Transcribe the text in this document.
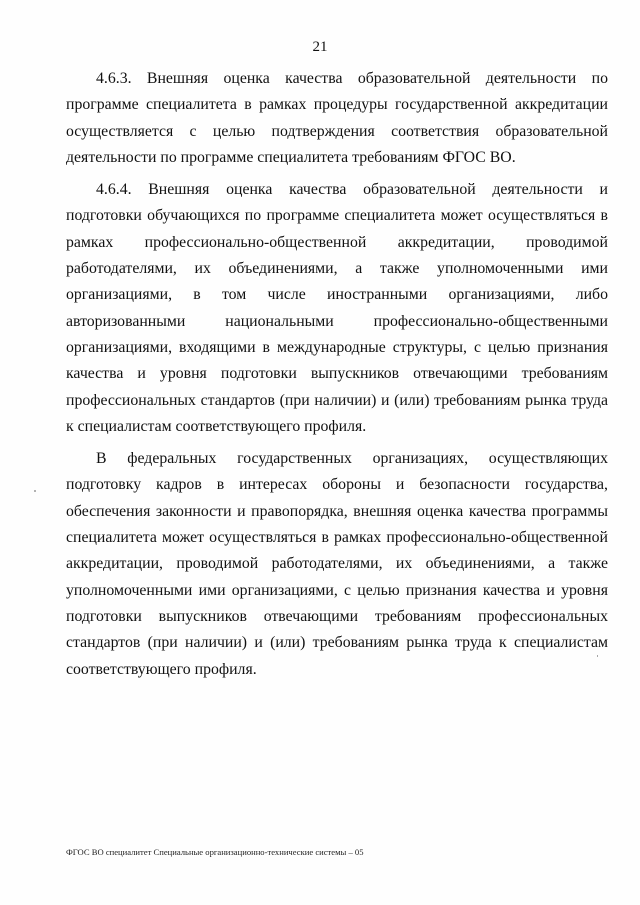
21

4.6.3. Внешняя оценка качества образовательной деятельности по программе специалитета в рамках процедуры государственной аккредитации осуществляется с целью подтверждения соответствия образовательной деятельности по программе специалитета требованиям ФГОС ВО.

4.6.4. Внешняя оценка качества образовательной деятельности и подготовки обучающихся по программе специалитета может осуществляться в рамках профессионально-общественной аккредитации, проводимой работодателями, их объединениями, а также уполномоченными ими организациями, в том числе иностранными организациями, либо авторизованными национальными профессионально-общественными организациями, входящими в международные структуры, с целью признания качества и уровня подготовки выпускников отвечающими требованиям профессиональных стандартов (при наличии) и (или) требованиям рынка труда к специалистам соответствующего профиля.

В федеральных государственных организациях, осуществляющих подготовку кадров в интересах обороны и безопасности государства, обеспечения законности и правопорядка, внешняя оценка качества программы специалитета может осуществляться в рамках профессионально-общественной аккредитации, проводимой работодателями, их объединениями, а также уполномоченными ими организациями, с целью признания качества и уровня подготовки выпускников отвечающими требованиям профессиональных стандартов (при наличии) и (или) требованиям рынка труда к специалистам соответствующего профиля.

ФГОС ВО специалитет Специальные организационно-технические системы – 05
